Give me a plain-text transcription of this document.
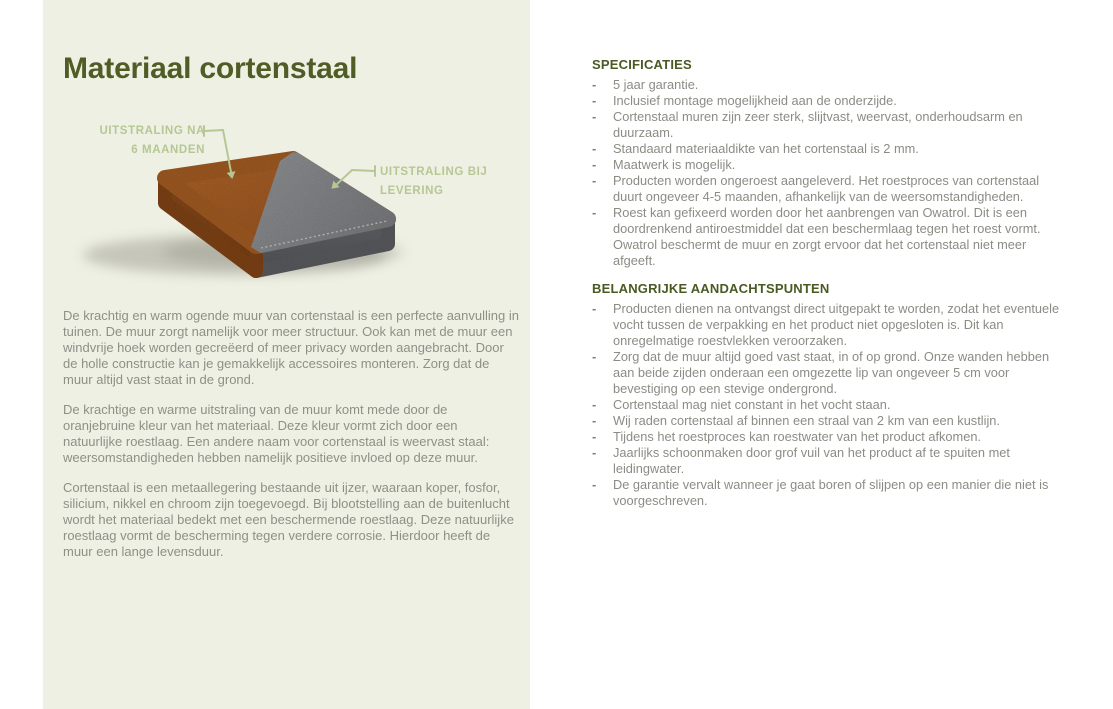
Materiaal cortenstaal
UITSTRALING NA
6 MAANDEN
UITSTRALING BIJ
LEVERING

De krachtig en warm ogende muur van cortenstaal is een perfecte aanvulling in tuinen. De muur zorgt namelijk voor meer structuur. Ook kan met de muur een windvrije hoek worden gecreëerd of meer privacy worden aangebracht. Door de holle constructie kan je gemakkelijk accessoires monteren. Zorg dat de muur altijd vast staat in de grond.

De krachtige en warme uitstraling van de muur komt mede door de oranjebruine kleur van het materiaal. Deze kleur vormt zich door een natuurlijke roestlaag. Een andere naam voor cortenstaal is weervast staal: weersomstandigheden hebben namelijk positieve invloed op deze muur.

Cortenstaal is een metaallegering bestaande uit ijzer, waaraan koper, fosfor, silicium, nikkel en chroom zijn toegevoegd. Bij blootstelling aan de buitenlucht wordt het materiaal bedekt met een beschermende roestlaag. Deze natuurlijke roestlaag vormt de bescherming tegen verdere corrosie. Hierdoor heeft de muur een lange levensduur.

SPECIFICATIES
-	5 jaar garantie.
-	Inclusief montage mogelijkheid aan de onderzijde.
-	Cortenstaal muren zijn zeer sterk, slijtvast, weervast, onderhoudsarm en duurzaam.
-	Standaard materiaaldikte van het cortenstaal is 2 mm.
-	Maatwerk is mogelijk.
-	Producten worden ongeroest aangeleverd. Het roestproces van cortenstaal duurt ongeveer 4-5 maanden, afhankelijk van de weersomstandigheden.
-	Roest kan gefixeerd worden door het aanbrengen van Owatrol. Dit is een doordrenkend antiroestmiddel dat een beschermlaag tegen het roest vormt. Owatrol beschermt de muur en zorgt ervoor dat het cortenstaal niet meer afgeeft.
BELANGRIJKE AANDACHTSPUNTEN
-	Producten dienen na ontvangst direct uitgepakt te worden, zodat het eventuele vocht tussen de verpakking en het product niet opgesloten is. Dit kan onregelmatige roestvlekken veroorzaken.
-	Zorg dat de muur altijd goed vast staat, in of op grond. Onze wanden hebben aan beide zijden onderaan een omgezette lip van ongeveer 5 cm voor bevestiging op een stevige ondergrond.
-	Cortenstaal mag niet constant in het vocht staan.
-	Wij raden cortenstaal af binnen een straal van 2 km van een kustlijn.
-	Tijdens het roestproces kan roestwater van het product afkomen.
-	Jaarlijks schoonmaken door grof vuil van het product af te spuiten met leidingwater.
-	De garantie vervalt wanneer je gaat boren of slijpen op een manier die niet is voorgeschreven.
